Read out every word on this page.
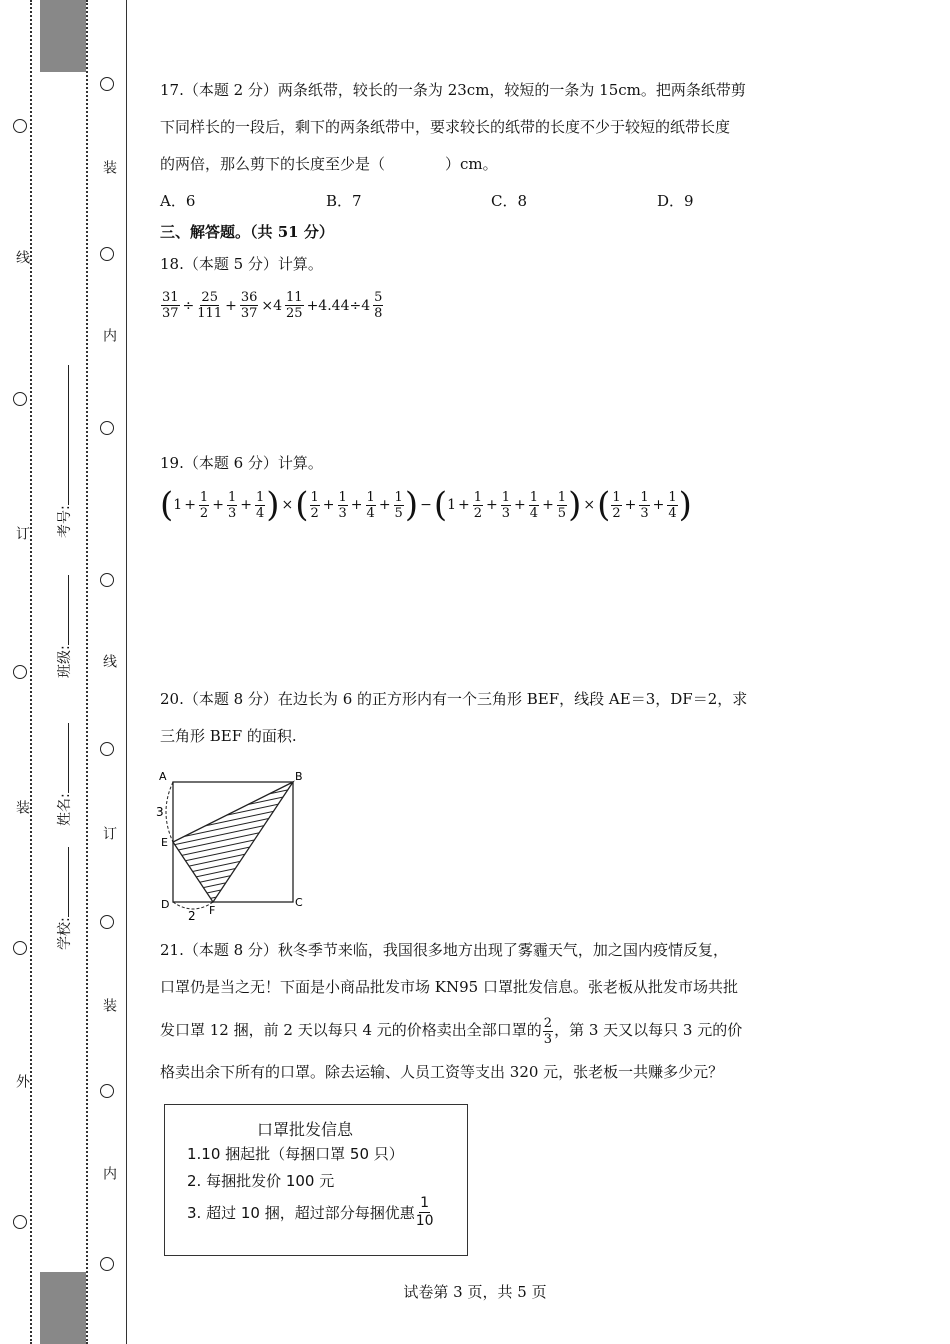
线
订
装
外
装
内
线
订
装
内
学校:
姓名:
班级:
考号:
17.（本题 2 分）两条纸带，较长的一条为 23cm，较短的一条为 15cm。把两条纸带剪
下同样长的一段后，剩下的两条纸带中，要求较长的纸带的长度不少于较短的纸带长度
的两倍，那么剪下的长度至少是（　　　　）cm。
A．6	B．7	C．8	D．9
三、解答题。（共 51 分）
18.（本题 5 分）计算。
$\frac{31}{37} \div \frac{25}{111} + \frac{36}{37} \times 4 \frac{11}{25} +4.44\div 4 \frac{5}{8}$
19.（本题 6 分）计算。
( $1 + \frac{1}{2} + \frac{1}{3} + \frac{1}{4}$ ) × ( $\frac{1}{2} + \frac{1}{3} + \frac{1}{4} + \frac{1}{5}$ ) − ( $1 + \frac{1}{2} + \frac{1}{3} + \frac{1}{4} + \frac{1}{5}$ ) × ( $\frac{1}{2} + \frac{1}{3} + \frac{1}{4}$ )
20.（本题 8 分）在边长为 6 的正方形内有一个三角形 BEF，线段 AE＝3，DF＝2，求
三角形 BEF 的面积.
A	B
C
D
E
F
3
2
21.（本题 8 分）秋冬季节来临，我国很多地方出现了雾霾天气，加之国内疫情反复，
口罩仍是当之无！下面是小商品批发市场 KN95 口罩批发信息。张老板从批发市场共批
发口罩 12 捆，前 2 天以每只 4 元的价格卖出全部口罩的 $\frac{2}{3}$ ，第 3 天又以每只 3 元的价
格卖出余下所有的口罩。除去运输、人员工资等支出 320 元，张老板一共赚多少元？
口罩批发信息
1.10 捆起批（每捆口罩 50 只）
2. 每捆批发价 100 元
3. 超过 10 捆，超过部分每捆优惠 $\frac{1}{10}$
试卷第 3 页，共 5 页
